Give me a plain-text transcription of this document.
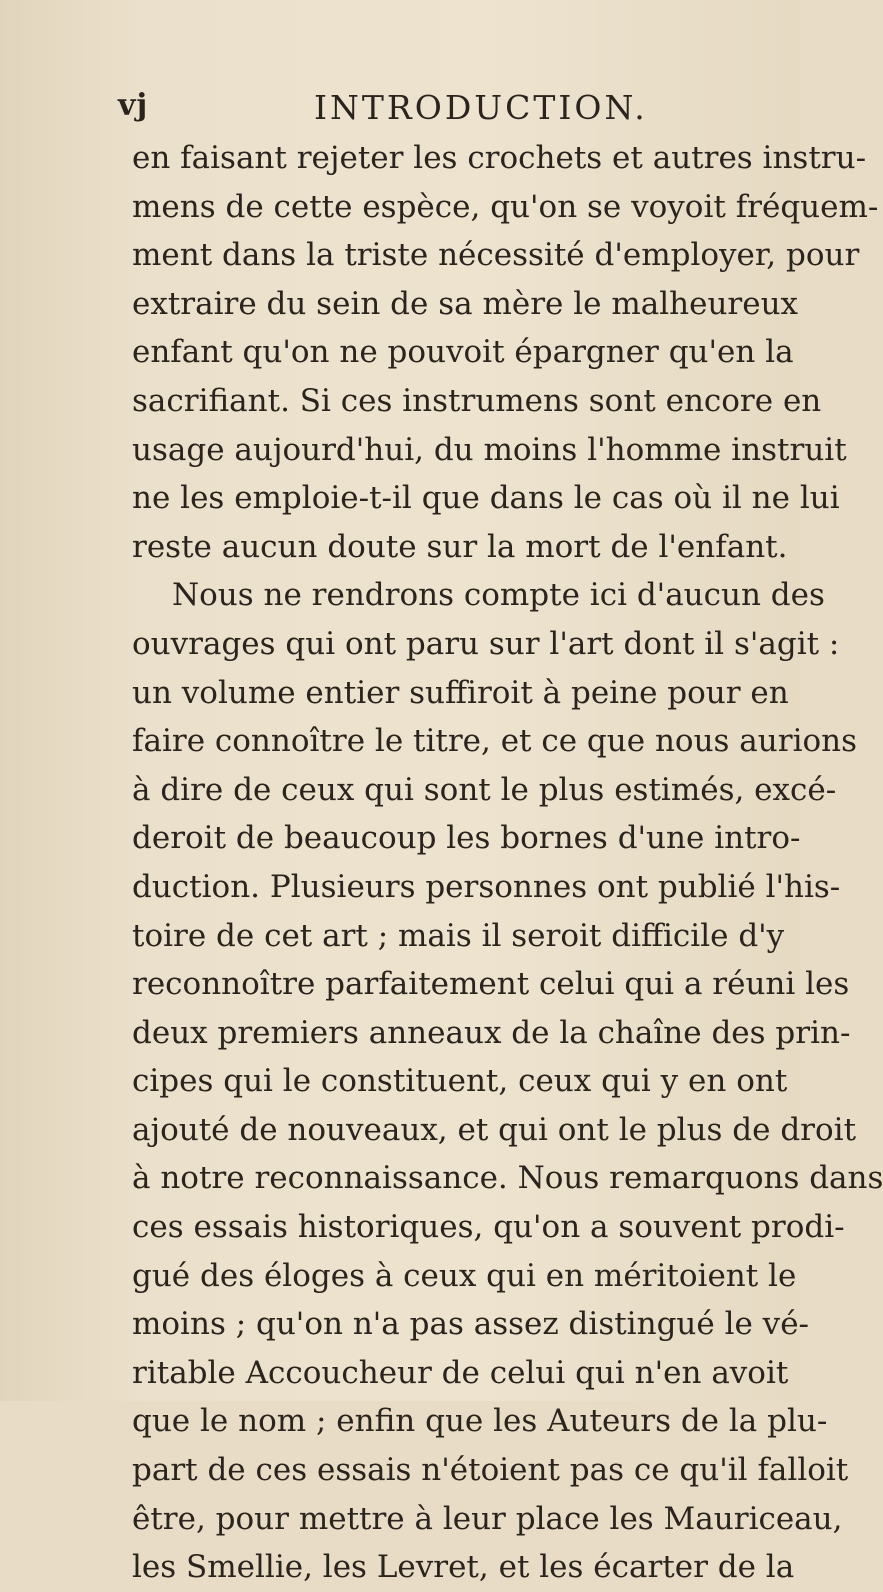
vj	INTRODUCTION.
en faisant rejeter les crochets et autres instru-
mens de cette espèce, qu'on se voyoit fréquem-
ment dans la triste nécessité d'employer, pour
extraire du sein de sa mère le malheureux
enfant qu'on ne pouvoit épargner qu'en la
sacrifiant. Si ces instrumens sont encore en
usage aujourd'hui, du moins l'homme instruit
ne les emploie-t-il que dans le cas où il ne lui
reste aucun doute sur la mort de l'enfant.
Nous ne rendrons compte ici d'aucun des
ouvrages qui ont paru sur l'art dont il s'agit :
un volume entier suffiroit à peine pour en
faire connoître le titre, et ce que nous aurions
à dire de ceux qui sont le plus estimés, excé-
deroit de beaucoup les bornes d'une intro-
duction. Plusieurs personnes ont publié l'his-
toire de cet art ; mais il seroit difficile d'y
reconnoître parfaitement celui qui a réuni les
deux premiers anneaux de la chaîne des prin-
cipes qui le constituent, ceux qui y en ont
ajouté de nouveaux, et qui ont le plus de droit
à notre reconnaissance. Nous remarquons dans
ces essais historiques, qu'on a souvent prodi-
gué des éloges à ceux qui en méritoient le
moins ; qu'on n'a pas assez distingué le vé-
ritable Accoucheur de celui qui n'en avoit
que le nom ; enfin que les Auteurs de la plu-
part de ces essais n'étoient pas ce qu'il falloit
être, pour mettre à leur place les Mauriceau,
les Smellie, les Levret, et les écarter de la
